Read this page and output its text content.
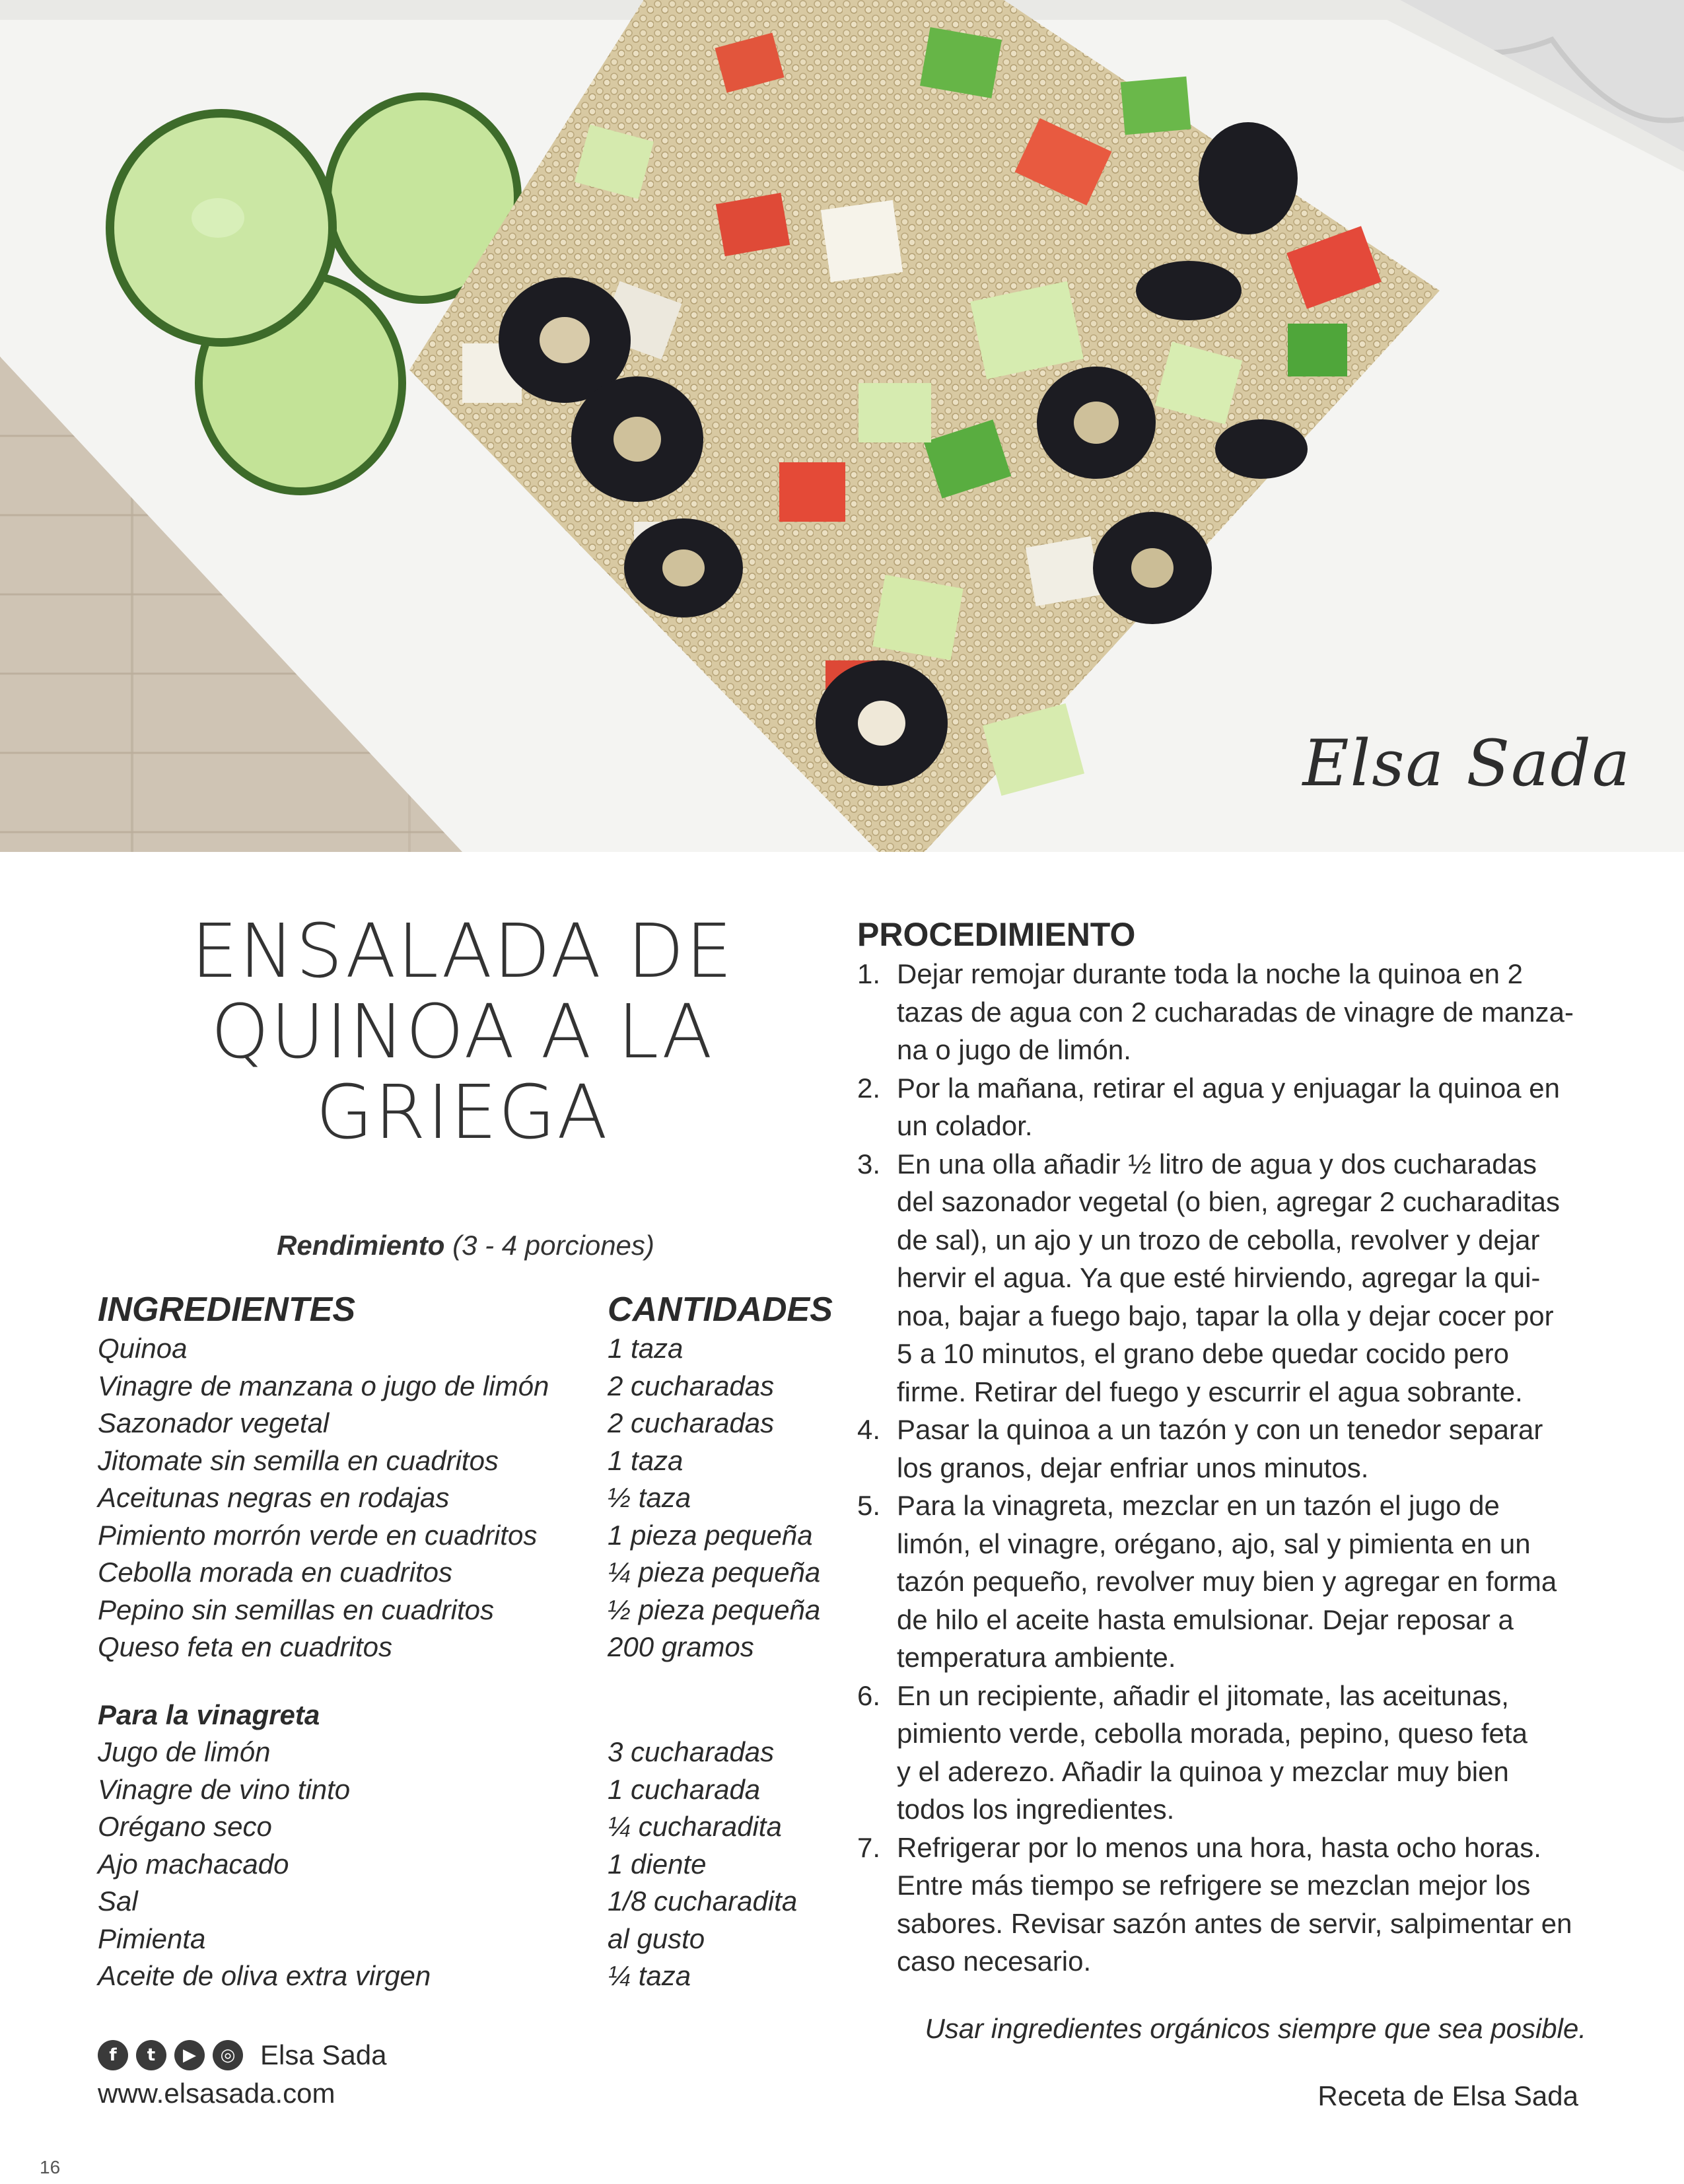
Elsa Sada
ENSALADA DE
QUINOA A LA
GRIEGA
Rendimiento (3 - 4 porciones)
INGREDIENTES	CANTIDADES
Quinoa	1 taza
Vinagre de manzana o jugo de limón	2 cucharadas
Sazonador vegetal	2 cucharadas
Jitomate sin semilla en cuadritos	1 taza
Aceitunas negras en rodajas	½ taza
Pimiento morrón verde en cuadritos	1 pieza pequeña
Cebolla morada en cuadritos	¼ pieza pequeña
Pepino sin semillas en cuadritos	½ pieza pequeña
Queso feta en cuadritos	200 gramos
Para la vinagreta
Jugo de limón	3 cucharadas
Vinagre de vino tinto	1 cucharada
Orégano seco	¼ cucharadita
Ajo machacado	1 diente
Sal	1/8 cucharadita
Pimienta	al gusto
Aceite de oliva extra virgen	¼ taza
f	t	▶	◎ Elsa Sada
www.elsasada.com
16
PROCEDIMIENTO
1. Dejar remojar durante toda la noche la quinoa en 2
tazas de agua con 2 cucharadas de vinagre de manza-
na o jugo de limón.
2. Por la mañana, retirar el agua y enjuagar la quinoa en
un colador.
3. En una olla añadir ½ litro de agua y dos cucharadas
del sazonador vegetal (o bien, agregar 2 cucharaditas
de sal), un ajo y un trozo de cebolla, revolver y dejar
hervir el agua. Ya que esté hirviendo, agregar la qui-
noa, bajar a fuego bajo, tapar la olla y dejar cocer por
5 a 10 minutos, el grano debe quedar cocido pero
firme. Retirar del fuego y escurrir el agua sobrante.
4. Pasar la quinoa a un tazón y con un tenedor separar
los granos, dejar enfriar unos minutos.
5. Para la vinagreta, mezclar en un tazón el jugo de
limón, el vinagre, orégano, ajo, sal y pimienta en un
tazón pequeño, revolver muy bien y agregar en forma
de hilo el aceite hasta emulsionar. Dejar reposar a
temperatura ambiente.
6. En un recipiente, añadir el jitomate, las aceitunas,
pimiento verde, cebolla morada, pepino, queso feta
y el aderezo. Añadir la quinoa y mezclar muy bien
todos los ingredientes.
7. Refrigerar por lo menos una hora, hasta ocho horas.
Entre más tiempo se refrigere se mezclan mejor los
sabores. Revisar sazón antes de servir, salpimentar en
caso necesario.
Usar ingredientes orgánicos siempre que sea posible.
Receta de Elsa Sada
